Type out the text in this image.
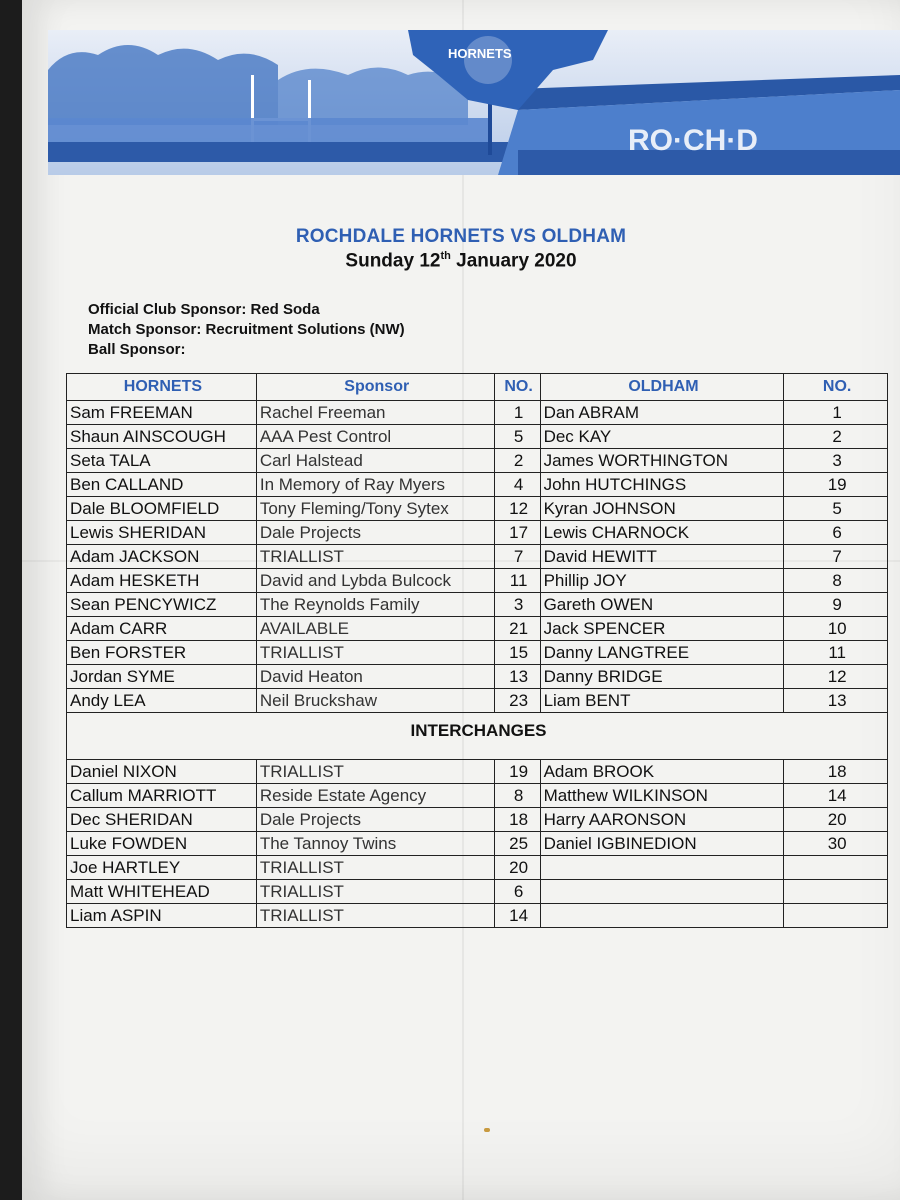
RO·CH·D
HORNETS
ROCHDALE HORNETS VS OLDHAM
Sunday 12th January 2020
Official Club Sponsor: Red Soda
Match Sponsor: Recruitment Solutions (NW)
Ball Sponsor:
HORNETS	Sponsor	NO.	OLDHAM	NO.
Sam FREEMAN	Rachel Freeman	1	Dan ABRAM	1
Shaun AINSCOUGH	AAA Pest Control	5	Dec KAY	2
Seta TALA	Carl Halstead	2	James WORTHINGTON	3
Ben CALLAND	In Memory of Ray Myers	4	John HUTCHINGS	19
Dale BLOOMFIELD	Tony Fleming/Tony Sytex	12	Kyran JOHNSON	5
Lewis SHERIDAN	Dale Projects	17	Lewis CHARNOCK	6
Adam JACKSON	TRIALLIST	7	David HEWITT	7
Adam HESKETH	David and Lybda Bulcock	11	Phillip JOY	8
Sean PENCYWICZ	The Reynolds Family	3	Gareth OWEN	9
Adam CARR	AVAILABLE	21	Jack SPENCER	10
Ben FORSTER	TRIALLIST	15	Danny LANGTREE	11
Jordan SYME	David Heaton	13	Danny BRIDGE	12
Andy LEA	Neil Bruckshaw	23	Liam BENT	13
INTERCHANGES				
Daniel NIXON	TRIALLIST	19	Adam BROOK	18
Callum MARRIOTT	Reside Estate Agency	8	Matthew WILKINSON	14
Dec SHERIDAN	Dale Projects	18	Harry AARONSON	20
Luke FOWDEN	The Tannoy Twins	25	Daniel IGBINEDION	30
Joe HARTLEY	TRIALLIST	20		
Matt WHITEHEAD	TRIALLIST	6		
Liam ASPIN	TRIALLIST	14		
